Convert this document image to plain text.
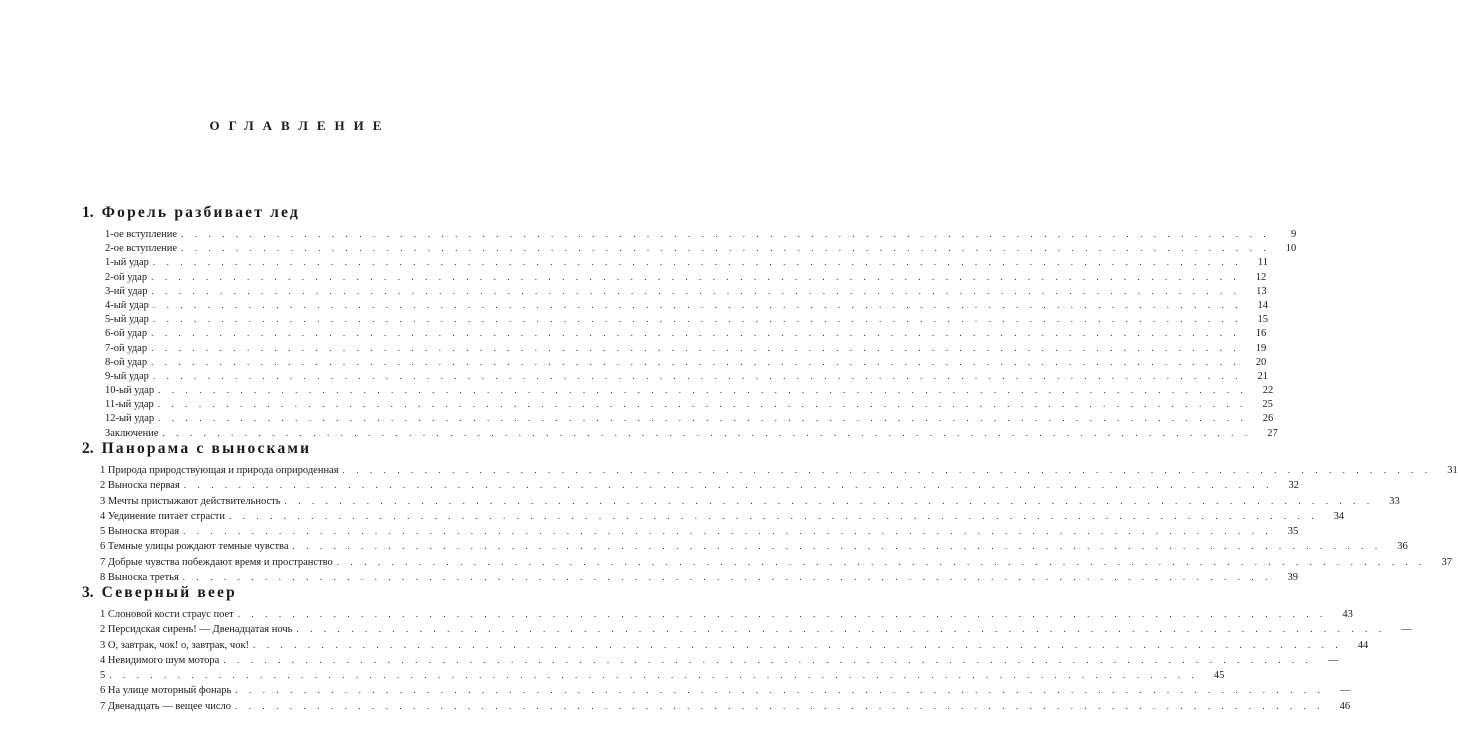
ОГЛАВЛЕНИЕ
1. Форель разбивает лед
1-ое вступление . . . . . . . . . . . . . . . . . . . . . . . . . . . . . . . . . . . . . . . . . . . . . . . . . . . . . . . . . . . . . . . . . . . . . . . . . . . . . . . .	9
2-ое вступление . . . . . . . . . . . . . . . . . . . . . . . . . . . . . . . . . . . . . . . . . . . . . . . . . . . . . . . . . . . . . . . . . . . . . . . . . . . . . . . .	10
1-ый удар . . . . . . . . . . . . . . . . . . . . . . . . . . . . . . . . . . . . . . . . . . . . . . . . . . . . . . . . . . . . . . . . . . . . . . . . . . . . . . . .	11
2-ой удар . . . . . . . . . . . . . . . . . . . . . . . . . . . . . . . . . . . . . . . . . . . . . . . . . . . . . . . . . . . . . . . . . . . . . . . . . . . . . . . .	12
3-ий удар . . . . . . . . . . . . . . . . . . . . . . . . . . . . . . . . . . . . . . . . . . . . . . . . . . . . . . . . . . . . . . . . . . . . . . . . . . . . . . . .	13
4-ый удар . . . . . . . . . . . . . . . . . . . . . . . . . . . . . . . . . . . . . . . . . . . . . . . . . . . . . . . . . . . . . . . . . . . . . . . . . . . . . . . .	14
5-ый удар . . . . . . . . . . . . . . . . . . . . . . . . . . . . . . . . . . . . . . . . . . . . . . . . . . . . . . . . . . . . . . . . . . . . . . . . . . . . . . . .	15
6-ой удар . . . . . . . . . . . . . . . . . . . . . . . . . . . . . . . . . . . . . . . . . . . . . . . . . . . . . . . . . . . . . . . . . . . . . . . . . . . . . . . .	16
7-ой удар . . . . . . . . . . . . . . . . . . . . . . . . . . . . . . . . . . . . . . . . . . . . . . . . . . . . . . . . . . . . . . . . . . . . . . . . . . . . . . . .	19
8-ой удар . . . . . . . . . . . . . . . . . . . . . . . . . . . . . . . . . . . . . . . . . . . . . . . . . . . . . . . . . . . . . . . . . . . . . . . . . . . . . . . .	20
9-ый удар . . . . . . . . . . . . . . . . . . . . . . . . . . . . . . . . . . . . . . . . . . . . . . . . . . . . . . . . . . . . . . . . . . . . . . . . . . . . . . . .	21
10-ый удар . . . . . . . . . . . . . . . . . . . . . . . . . . . . . . . . . . . . . . . . . . . . . . . . . . . . . . . . . . . . . . . . . . . . . . . . . . . . . . . .	22
11-ый удар . . . . . . . . . . . . . . . . . . . . . . . . . . . . . . . . . . . . . . . . . . . . . . . . . . . . . . . . . . . . . . . . . . . . . . . . . . . . . . . .	25
12-ый удар . . . . . . . . . . . . . . . . . . . . . . . . . . . . . . . . . . . . . . . . . . . . . . . . . . . . . . . . . . . . . . . . . . . . . . . . . . . . . . . .	26
Заключение . . . . . . . . . . . . . . . . . . . . . . . . . . . . . . . . . . . . . . . . . . . . . . . . . . . . . . . . . . . . . . . . . . . . . . . . . . . . . . . .	27
2. Панорама с выносками
1 Природа природствующая и природа оприроденная . . . . . . . . . . . . . . . . . . . . . . . . . . . . . . . . . . . . . . . . . . . . . . . . . . . . . . . . . . . . . . . . . . . . . . . . . . . . . . . .	31
2 Выноска первая . . . . . . . . . . . . . . . . . . . . . . . . . . . . . . . . . . . . . . . . . . . . . . . . . . . . . . . . . . . . . . . . . . . . . . . . . . . . . . . .	32
3 Мечты пристыжают действительность . . . . . . . . . . . . . . . . . . . . . . . . . . . . . . . . . . . . . . . . . . . . . . . . . . . . . . . . . . . . . . . . . . . . . . . . . . . . . . . .	33
4 Уединение питает страсти . . . . . . . . . . . . . . . . . . . . . . . . . . . . . . . . . . . . . . . . . . . . . . . . . . . . . . . . . . . . . . . . . . . . . . . . . . . . . . . .	34
5 Выноска вторая . . . . . . . . . . . . . . . . . . . . . . . . . . . . . . . . . . . . . . . . . . . . . . . . . . . . . . . . . . . . . . . . . . . . . . . . . . . . . . . .	35
6 Темные улицы рождают темные чувства . . . . . . . . . . . . . . . . . . . . . . . . . . . . . . . . . . . . . . . . . . . . . . . . . . . . . . . . . . . . . . . . . . . . . . . . . . . . . . . .	36
7 Добрые чувства побеждают время и пространство . . . . . . . . . . . . . . . . . . . . . . . . . . . . . . . . . . . . . . . . . . . . . . . . . . . . . . . . . . . . . . . . . . . . . . . . . . . . . . . .	37
8 Выноска третья . . . . . . . . . . . . . . . . . . . . . . . . . . . . . . . . . . . . . . . . . . . . . . . . . . . . . . . . . . . . . . . . . . . . . . . . . . . . . . . .	39
3. Северный веер
1 Слоновой кости страус поет . . . . . . . . . . . . . . . . . . . . . . . . . . . . . . . . . . . . . . . . . . . . . . . . . . . . . . . . . . . . . . . . . . . . . . . . . . . . . . . .	43
2 Персидская сирень! — Двенадцатая ночь . . . . . . . . . . . . . . . . . . . . . . . . . . . . . . . . . . . . . . . . . . . . . . . . . . . . . . . . . . . . . . . . . . . . . . . . . . . . . . . .	—
3 О, завтрак, чок! о, завтрак, чок! . . . . . . . . . . . . . . . . . . . . . . . . . . . . . . . . . . . . . . . . . . . . . . . . . . . . . . . . . . . . . . . . . . . . . . . . . . . . . . . .	44
4 Невидимого шум мотора . . . . . . . . . . . . . . . . . . . . . . . . . . . . . . . . . . . . . . . . . . . . . . . . . . . . . . . . . . . . . . . . . . . . . . . . . . . . . . . .	—
5 . . . . . . . . . . . . . . . . . . . . . . . . . . . . . . . . . . . . . . . . . . . . . . . . . . . . . . . . . . . . . . . . . . . . . . . . . . . . . . . .	45
6 На улице моторный фонарь . . . . . . . . . . . . . . . . . . . . . . . . . . . . . . . . . . . . . . . . . . . . . . . . . . . . . . . . . . . . . . . . . . . . . . . . . . . . . . . .	—
7 Двенадцать — вещее число . . . . . . . . . . . . . . . . . . . . . . . . . . . . . . . . . . . . . . . . . . . . . . . . . . . . . . . . . . . . . . . . . . . . . . . . . . . . . . . .	46
